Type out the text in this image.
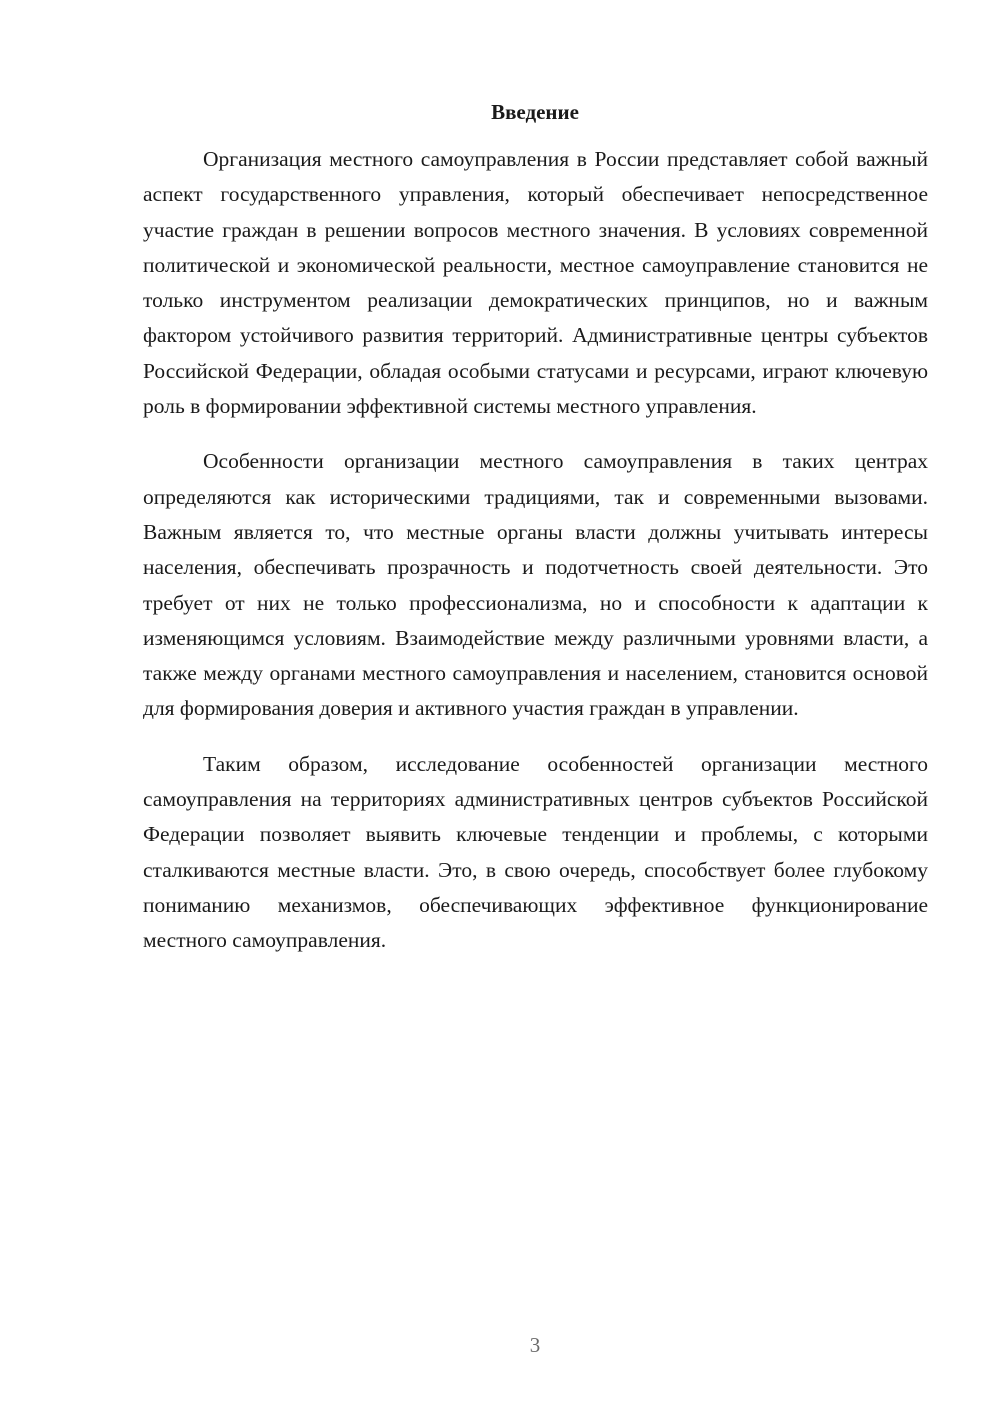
Введение

Организация местного самоуправления в России представляет собой важный аспект государственного управления, который обеспечивает непосредственное участие граждан в решении вопросов местного значения. В условиях современной политической и экономической реальности, местное самоуправление становится не только инструментом реализации демократических принципов, но и важным фактором устойчивого развития территорий. Административные центры субъектов Российской Федерации, обладая особыми статусами и ресурсами, играют ключевую роль в формировании эффективной системы местного управления.

Особенности организации местного самоуправления в таких центрах определяются как историческими традициями, так и современными вызовами. Важным является то, что местные органы власти должны учитывать интересы населения, обеспечивать прозрачность и подотчетность своей деятельности. Это требует от них не только профессионализма, но и способности к адаптации к изменяющимся условиям. Взаимодействие между различными уровнями власти, а также между органами местного самоуправления и населением, становится основой для формирования доверия и активного участия граждан в управлении.

Таким образом, исследование особенностей организации местного самоуправления на территориях административных центров субъектов Российской Федерации позволяет выявить ключевые тенденции и проблемы, с которыми сталкиваются местные власти. Это, в свою очередь, способствует более глубокому пониманию механизмов, обеспечивающих эффективное функционирование местного самоуправления.

3
